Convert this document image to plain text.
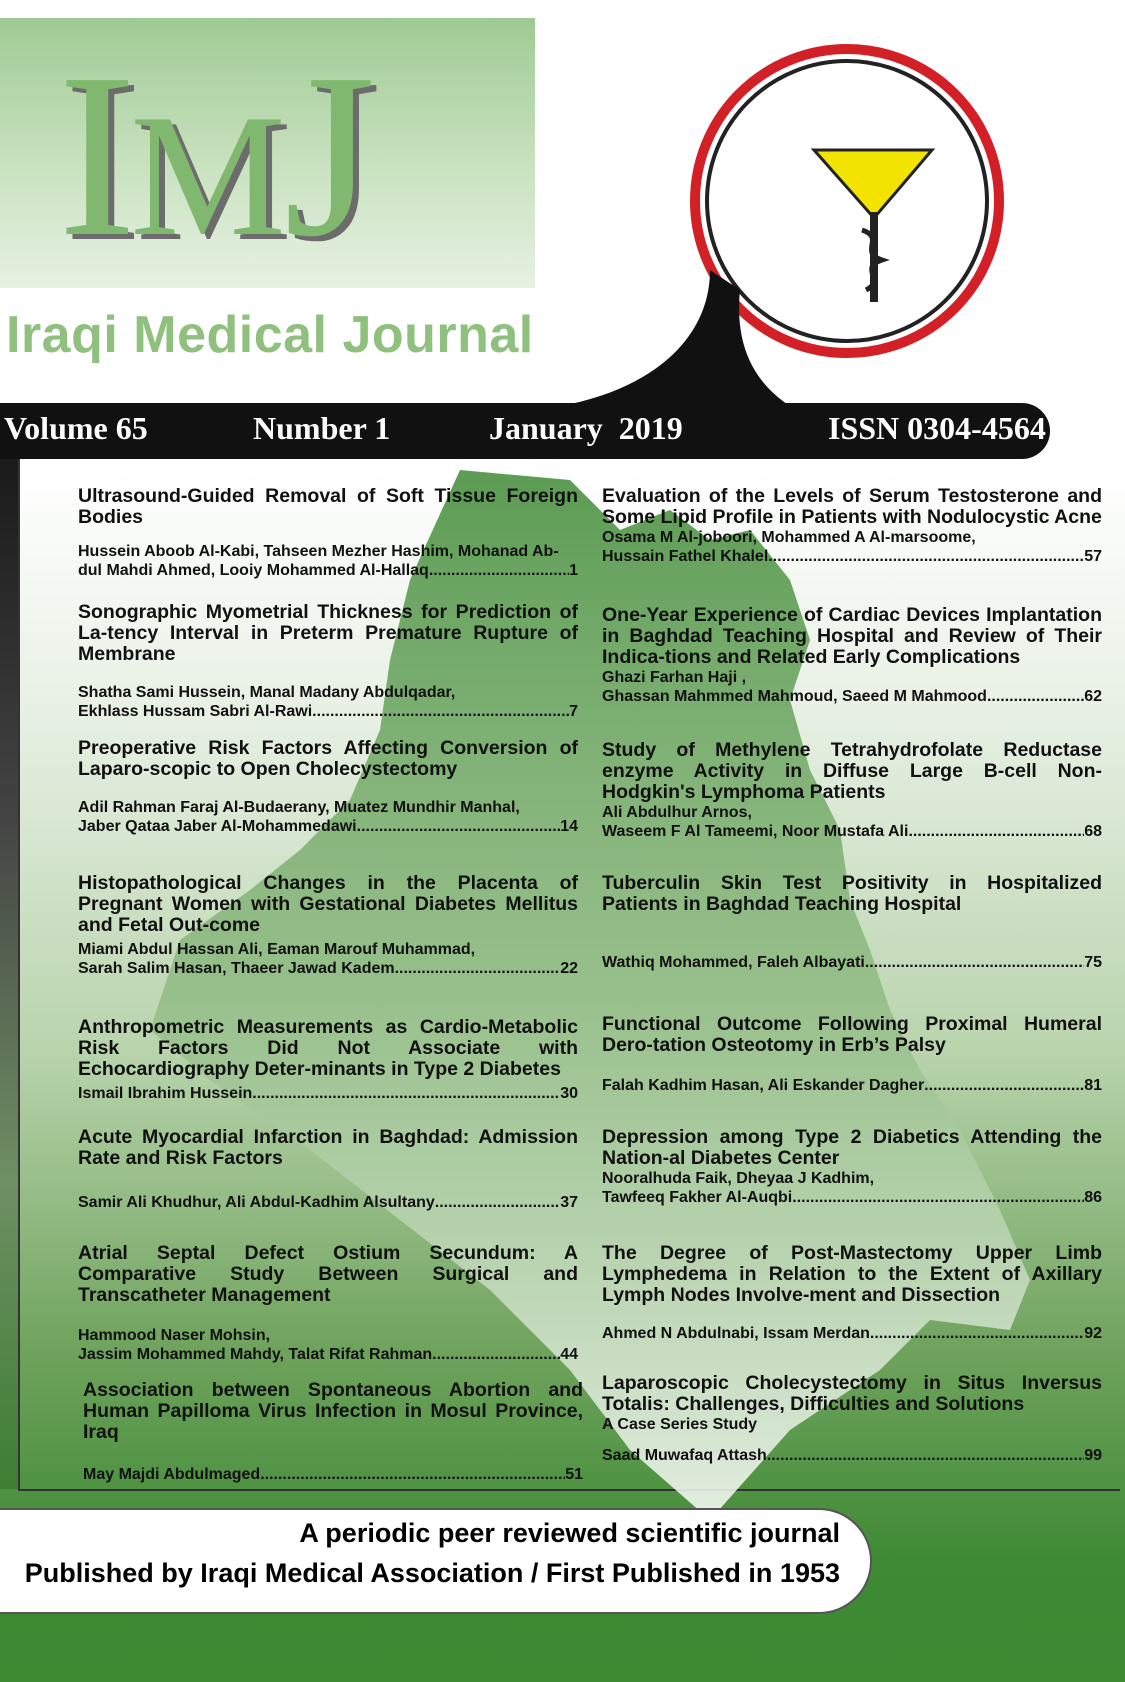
IMJ
Iraqi Medical Journal
Volume 65	Number 1	January  2019	ISSN 0304-4564
Ultrasound-Guided Removal of Soft Tissue Foreign Bodies
Hussein Aboob Al-Kabi, Tahseen Mezher Hashim, Mohanad Ab-
dul Mahdi Ahmed, Looiy Mohammed Al-Hallaq .....	1
Sonographic Myometrial Thickness for Prediction of La-tency Interval in Preterm Premature Rupture of Membrane
Shatha Sami Hussein, Manal Madany Abdulqadar,
Ekhlass Hussam Sabri Al-Rawi .....	7
Preoperative Risk Factors Affecting Conversion of Laparo-scopic to Open Cholecystectomy
Adil Rahman Faraj Al-Budaerany, Muatez Mundhir Manhal,
Jaber Qataa Jaber Al-Mohammedawi .....	14
Histopathological Changes in the Placenta of Pregnant Women with Gestational Diabetes Mellitus and Fetal Out-come
Miami Abdul Hassan Ali, Eaman Marouf Muhammad,
Sarah Salim Hasan, Thaeer Jawad Kadem .....	22
Anthropometric Measurements as Cardio-Metabolic Risk Factors Did Not Associate with Echocardiography Deter-minants in Type 2 Diabetes
Ismail Ibrahim Hussein .....	30
Acute Myocardial Infarction in Baghdad: Admission Rate and Risk Factors
Samir Ali Khudhur, Ali Abdul-Kadhim Alsultany .....	37
Atrial Septal Defect Ostium Secundum: A Comparative Study Between Surgical and Transcatheter Management
Hammood Naser Mohsin,
Jassim Mohammed Mahdy, Talat Rifat Rahman .....	44
Association between Spontaneous Abortion and Human Papilloma Virus Infection in Mosul Province, Iraq
May Majdi Abdulmaged .....	51
Evaluation of the Levels of Serum Testosterone and Some Lipid Profile in Patients with Nodulocystic Acne
Osama M Al-joboori, Mohammed A Al-marsoome,
Hussain Fathel Khalel .....	57
One-Year Experience of Cardiac Devices Implantation in Baghdad Teaching Hospital and Review of Their Indica-tions and Related Early Complications
Ghazi Farhan Haji ,
Ghassan Mahmmed Mahmoud, Saeed M Mahmood .....	62
Study of Methylene Tetrahydrofolate Reductase enzyme Activity in Diffuse Large B-cell Non-Hodgkin's Lymphoma Patients
Ali Abdulhur Arnos,
Waseem F Al Tameemi, Noor Mustafa Ali .....	68
Tuberculin Skin Test Positivity in Hospitalized Patients in Baghdad Teaching Hospital
Wathiq Mohammed, Faleh Albayati .....	75
Functional Outcome Following Proximal Humeral Dero-tation Osteotomy in Erb’s Palsy
Falah Kadhim Hasan, Ali Eskander Dagher .....	81
Depression among Type 2 Diabetics Attending the Nation-al Diabetes Center
Nooralhuda Faik, Dheyaa J Kadhim,
Tawfeeq Fakher Al-Auqbi .....	86
The Degree of Post-Mastectomy Upper Limb Lymphedema in Relation to the Extent of Axillary Lymph Nodes Involve-ment and Dissection
Ahmed N Abdulnabi, Issam Merdan .....	92
Laparoscopic Cholecystectomy in Situs Inversus Totalis: Challenges, Difficulties and Solutions
A Case Series Study
Saad Muwafaq Attash .....	99
A periodic peer reviewed scientific journal
Published by Iraqi Medical Association / First Published in 1953
